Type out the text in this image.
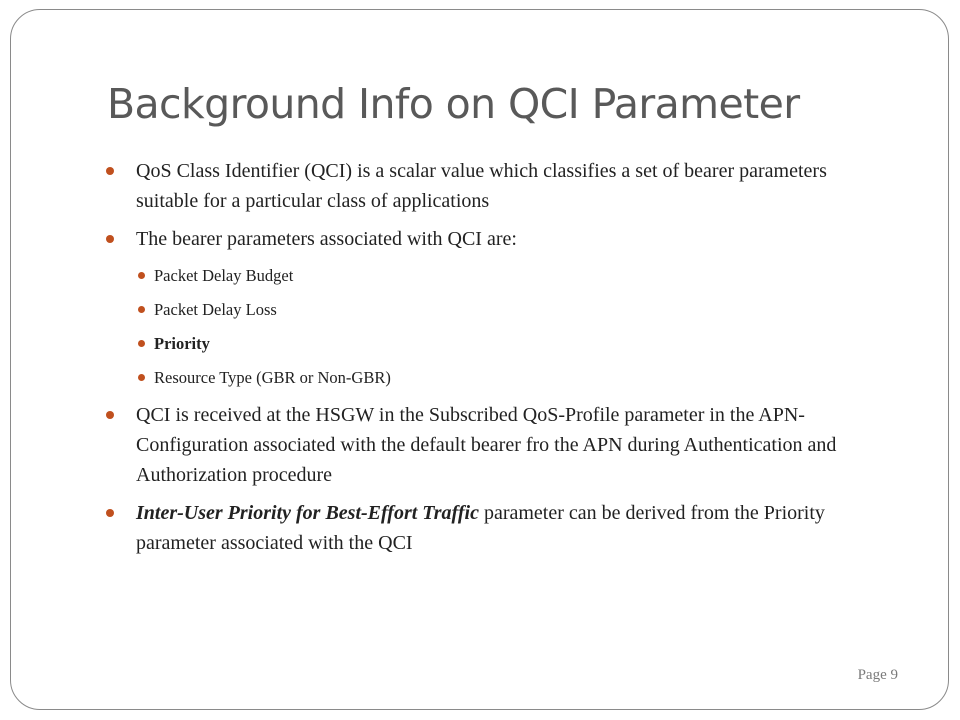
Background Info on QCI Parameter

QoS Class Identifier (QCI) is a scalar value which classifies a set of bearer parameters suitable for a particular class of applications

The bearer parameters associated with QCI are:

Packet Delay Budget

Packet Delay Loss

Priority

Resource Type (GBR or Non-GBR)

QCI is received at the HSGW in the Subscribed QoS-Profile parameter in the APN-Configuration associated with the default bearer fro the APN during Authentication and Authorization procedure

Inter-User Priority for Best-Effort Traffic parameter can be derived from the Priority parameter associated with the QCI

Page 9
